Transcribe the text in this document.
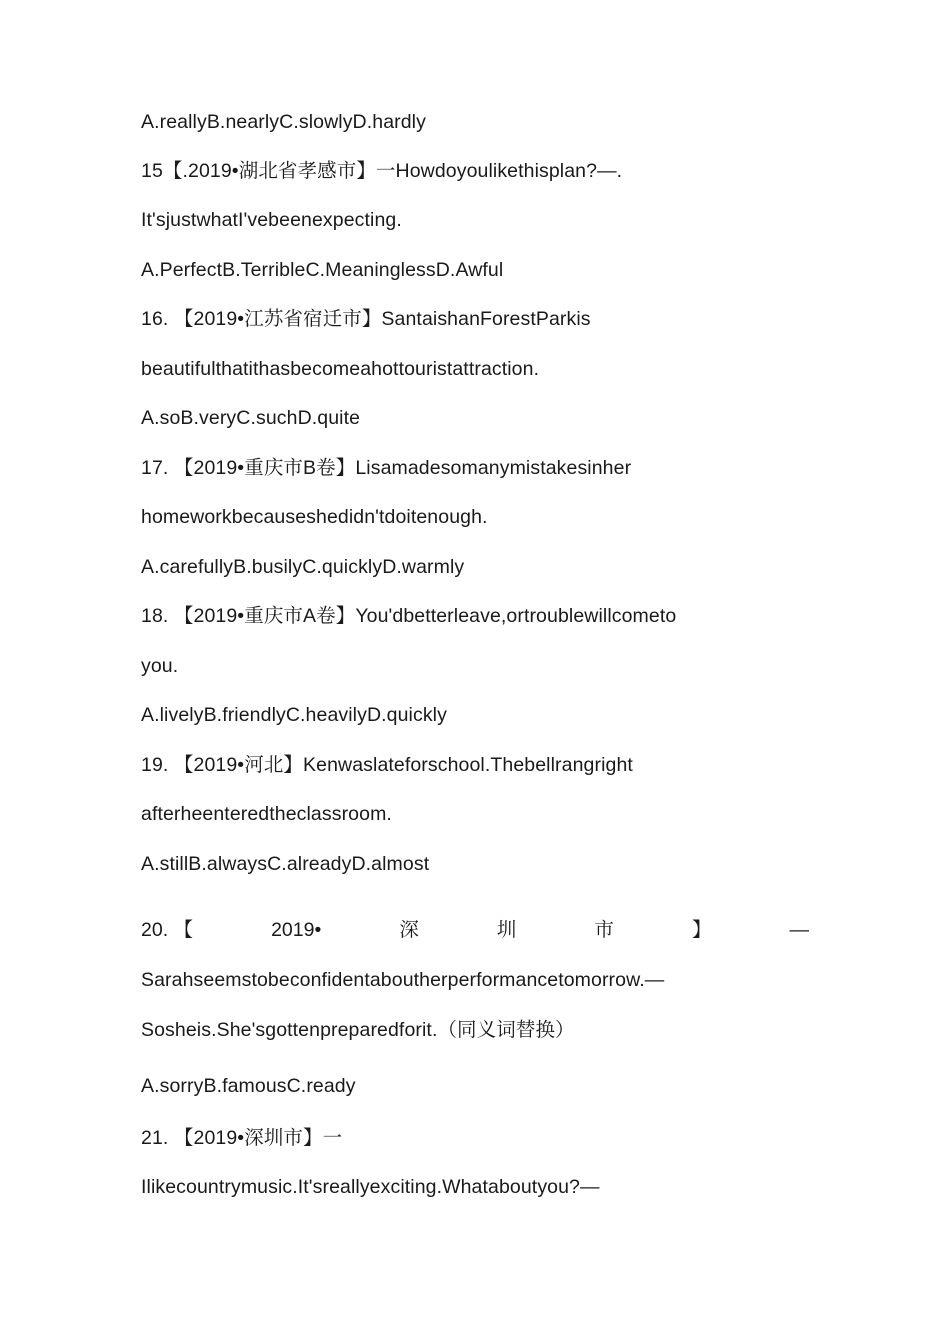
A.reallyB.nearlyC.slowlyD.hardly
15【.2019•湖北省孝感市】一Howdoyoulikethisplan?—.
It'sjustwhatI'vebeenexpecting.
A.PerfectB.TerribleC.MeaninglessD.Awful
16. 【2019•江苏省宿迁市】SantaishanForestParkis
beautifulthatithasbecomeahottouristattraction.
A.soB.veryC.suchD.quite
17. 【2019•重庆市B卷】Lisamadesomanymistakesinher
homeworkbecauseshedidn'tdoitenough.
A.carefullyB.busilyC.quicklyD.warmly
18. 【2019•重庆市A卷】You'dbetterleave,ortroublewillcometo
you.
A.livelyB.friendlyC.heavilyD.quickly
19. 【2019•河北】Kenwaslateforschool.Thebellrangright
afterheenteredtheclassroom.
A.stillB.alwaysC.alreadyD.almost
20. 【	2019•	深	圳	市	】	—
Sarahseemstobeconfidentaboutherperformancetomorrow.—
Sosheis.She'sgottenpreparedforit.（同义词替换）
A.sorryB.famousC.ready
21. 【2019•深圳市】一
Ilikecountrymusic.It'sreallyexciting.Whataboutyou?—
